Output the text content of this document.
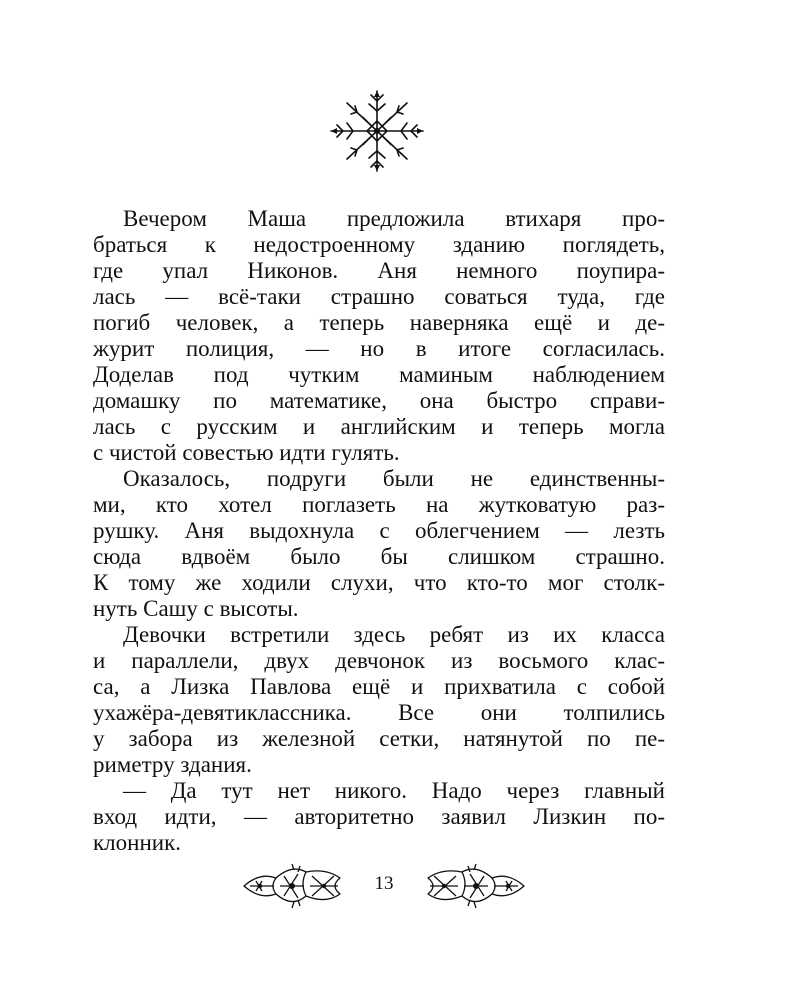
Вечером Маша предложила втихаря про-
браться к недостроенному зданию поглядеть,
где упал Никонов. Аня немного поупира-
лась — всё-таки страшно соваться туда, где
погиб человек, а теперь наверняка ещё и де-
журит полиция, — но в итоге согласилась.
Доделав под чутким маминым наблюдением
домашку по математике, она быстро справи-
лась с русским и английским и теперь могла
с чистой совестью идти гулять.
Оказалось, подруги были не единственны-
ми, кто хотел поглазеть на жутковатую раз-
рушку. Аня выдохнула с облегчением — лезть
сюда вдвоём было бы слишком страшно.
К тому же ходили слухи, что кто-то мог столк-
нуть Сашу с высоты.
Девочки встретили здесь ребят из их класса
и параллели, двух девчонок из восьмого клас-
са, а Лизка Павлова ещё и прихватила с собой
ухажёра-девятиклассника. Все они толпились
у забора из железной сетки, натянутой по пе-
риметру здания.
— Да тут нет никого. Надо через главный
вход идти, — авторитетно заявил Лизкин по-
клонник.
13
